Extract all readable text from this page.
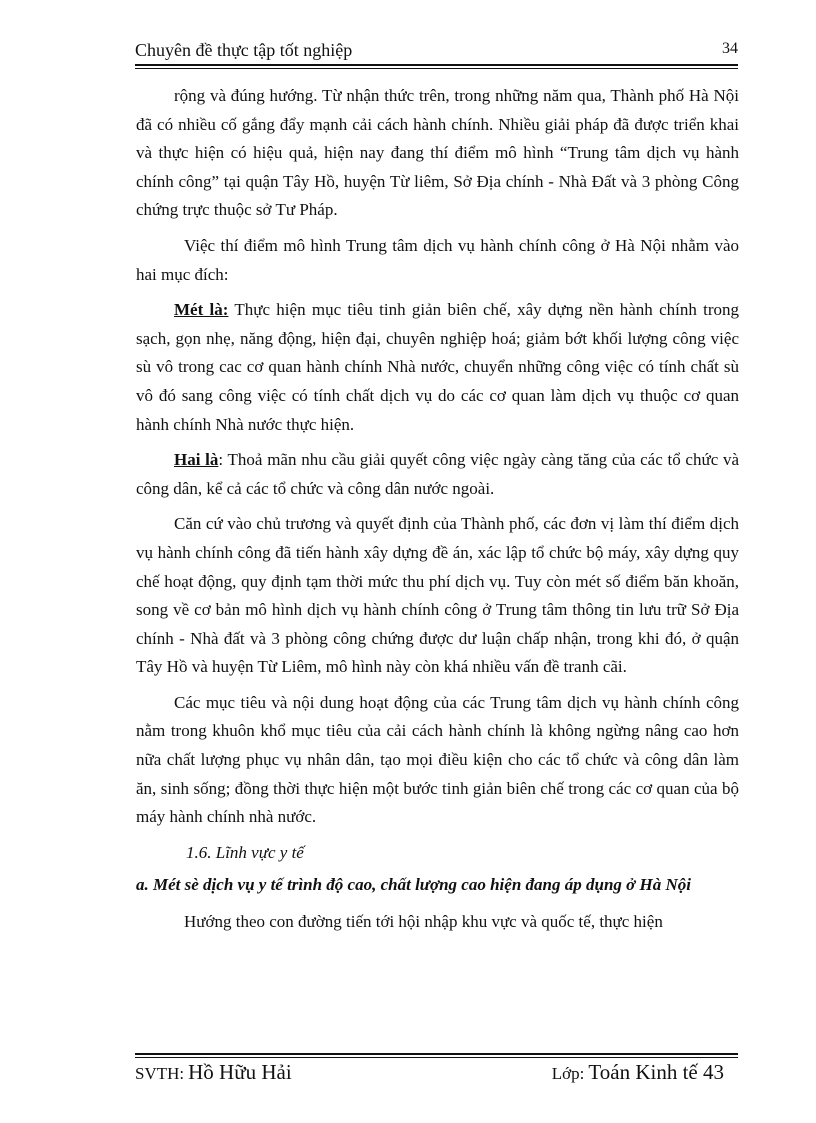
Chuyên đề thực tập tốt nghiệp	34

rộng và đúng hướng. Từ nhận thức trên, trong những năm qua, Thành phố Hà Nội đã có nhiều cố gắng đẩy mạnh cải cách hành chính. Nhiều giải pháp đã được triển khai và thực hiện có hiệu quả, hiện nay đang thí điểm mô hình “Trung tâm dịch vụ hành chính công” tại quận Tây Hồ, huyện Từ liêm, Sở Địa chính - Nhà Đất và 3 phòng Công chứng trực thuộc sở Tư Pháp.

Việc thí điểm mô hình Trung tâm dịch vụ hành chính công ở Hà Nội nhằm vào hai mục đích:

Mét là: Thực hiện mục tiêu tinh giản biên chế, xây dựng nền hành chính trong sạch, gọn nhẹ, năng động, hiện đại, chuyên nghiệp hoá; giảm bớt khối lượng công việc sù vô trong cac cơ quan hành chính Nhà nước, chuyển những công việc có tính chất sù vô đó sang công việc có tính chất dịch vụ do các cơ quan làm dịch vụ thuộc cơ quan hành chính Nhà nước thực hiện.

Hai là: Thoả mãn nhu cầu giải quyết công việc ngày càng tăng của các tổ chức và công dân, kể cả các tổ chức và công dân nước ngoài.

Căn cứ vào chủ trương và quyết định của Thành phố, các đơn vị làm thí điểm dịch vụ hành chính công đã tiến hành xây dựng đề án, xác lập tổ chức bộ máy, xây dựng quy chế hoạt động, quy định tạm thời mức thu phí dịch vụ. Tuy còn mét số điểm băn khoăn, song về cơ bản mô hình dịch vụ hành chính công ở Trung tâm thông tin lưu trữ Sở Địa chính - Nhà đất và 3 phòng công chứng được dư luận chấp nhận, trong khi đó, ở quận Tây Hồ và huyện Từ Liêm, mô hình này còn khá nhiều vấn đề tranh cãi.

Các mục tiêu và nội dung hoạt động của các Trung tâm dịch vụ hành chính công nằm trong khuôn khổ mục tiêu của cải cách hành chính là không ngừng nâng cao hơn nữa chất lượng phục vụ nhân dân, tạo mọi điều kiện cho các tổ chức và công dân làm ăn, sinh sống; đồng thời thực hiện một bước tinh giản biên chế trong các cơ quan của bộ máy hành chính nhà nước.

1.6. Lĩnh vực y tế

a. Mét sè dịch vụ y tế trình độ cao, chất lượng cao hiện đang áp dụng ở Hà Nội

Hướng theo con đường tiến tới hội nhập khu vực và quốc tế, thực hiện

SVTH: Hồ Hữu Hải	Lớp: Toán Kinh tế 43
